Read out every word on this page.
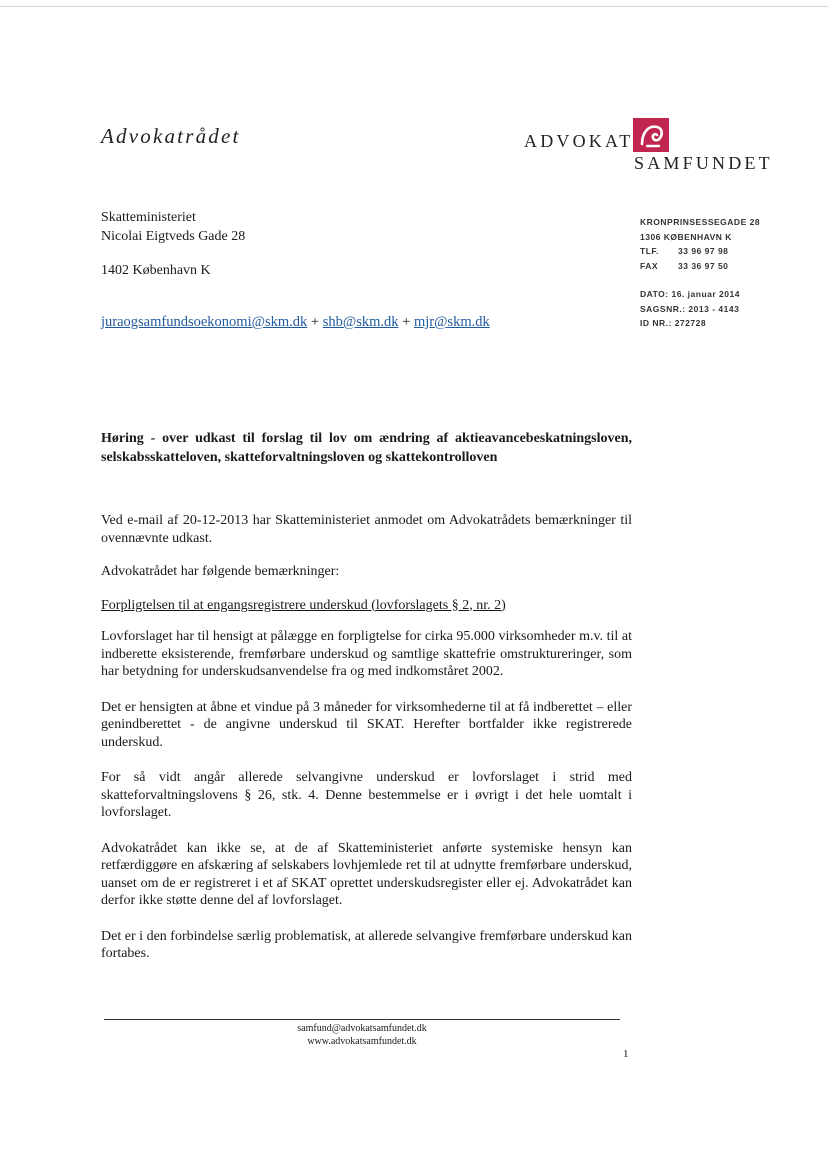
Advokatrådet	ADVOKAT
SAMFUNDET
Skatteministeriet
Nicolai Eigtveds Gade 28
1402 København K
juraogsamfundsoekonomi@skm.dk + shb@skm.dk + mjr@skm.dk
KRONPRINSESSEGADE 28
1306 KØBENHAVN K
TLF.	33 96 97 98
FAX	33 36 97 50
DATO: 16. januar 2014
SAGSNR.: 2013 - 4143
ID NR.: 272728
Høring - over udkast til forslag til lov om ændring af aktieavancebeskatningsloven, selskabsskatteloven, skatteforvaltningsloven og skattekontrolloven

Ved e-mail af 20-12-2013 har Skatteministeriet anmodet om Advokatrådets bemærkninger til ovennævnte udkast.

Advokatrådet har følgende bemærkninger:

Forpligtelsen til at engangsregistrere underskud (lovforslagets § 2, nr. 2)

Lovforslaget har til hensigt at pålægge en forpligtelse for cirka 95.000 virksomheder m.v. til at indberette eksisterende, fremførbare underskud og samtlige skattefrie omstruktureringer, som har betydning for underskudsanvendelse fra og med indkomståret 2002.

Det er hensigten at åbne et vindue på 3 måneder for virksomhederne til at få indberettet – eller genindberettet - de angivne underskud til SKAT. Herefter bortfalder ikke registrerede underskud.

For så vidt angår allerede selvangivne underskud er lovforslaget i strid med skatteforvaltningslovens § 26, stk. 4. Denne bestemmelse er i øvrigt i det hele uomtalt i lovforslaget.

Advokatrådet kan ikke se, at de af Skatteministeriet anførte systemiske hensyn kan retfærdiggøre en afskæring af selskabers lovhjemlede ret til at udnytte fremførbare underskud, uanset om de er registreret i et af SKAT oprettet underskudsregister eller ej. Advokatrådet kan derfor ikke støtte denne del af lovforslaget.

Det er i den forbindelse særlig problematisk, at allerede selvangive fremførbare underskud kan fortabes.

samfund@advokatsamfundet.dk
www.advokatsamfundet.dk
1
